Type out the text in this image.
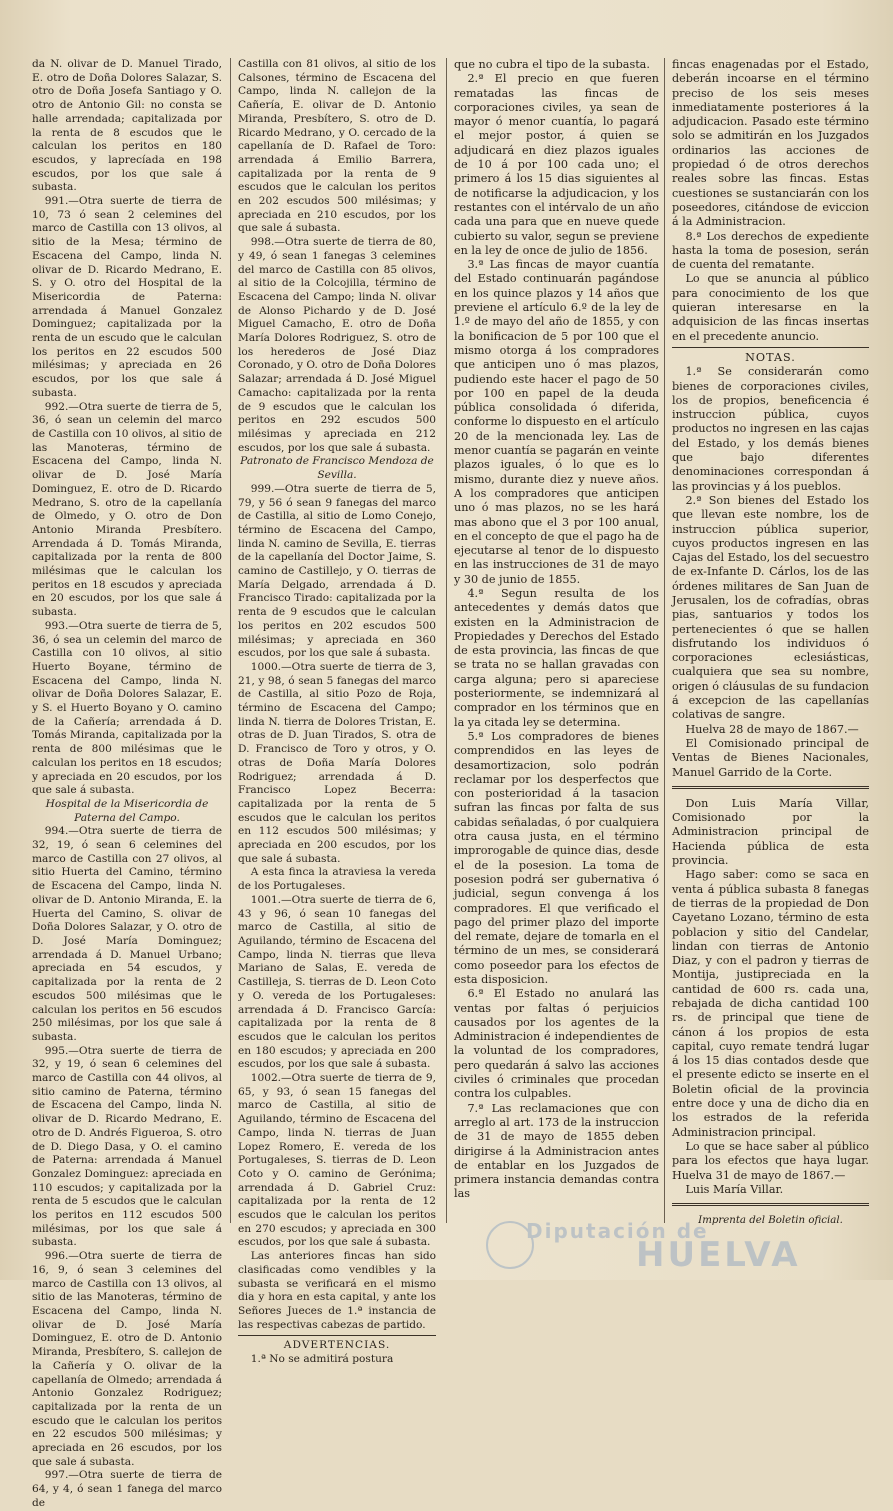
da N. olivar de D. Manuel Tirado, E. otro de Doña Dolores Salazar, S. otro de Doña Josefa Santiago y O. otro de Antonio Gil: no consta se halle arrendada; capitalizada por la renta de 8 escudos que le calculan los peritos en 180 escudos, y laprecíada en 198 escudos, por los que sale á subasta.

991.—Otra suerte de tierra de 10, 73 ó sean 2 celemines del marco de Castilla con 13 olivos, al sitio de la Mesa; término de Escacena del Campo, linda N. olivar de D. Ricardo Medrano, E. S. y O. otro del Hospital de la Misericordia de Paterna: arrendada á Manuel Gonzalez Dominguez; capitalizada por la renta de un escudo que le calculan los peritos en 22 escudos 500 milésimas; y apreciada en 26 escudos, por los que sale á subasta.

992.—Otra suerte de tierra de 5, 36, ó sean un celemin del marco de Castilla con 10 olivos, al sitio de las Manoteras, término de Escacena del Campo, linda N. olivar de D. José María Dominguez, E. otro de D. Ricardo Medrano, S. otro de la capellanía de Olmedo, y O. otro de Don Antonio Miranda Presbítero. Arrendada á D. Tomás Miranda, capitalizada por la renta de 800 milésimas que le calculan los peritos en 18 escudos y apreciada en 20 escudos, por los que sale á subasta.

993.—Otra suerte de tierra de 5, 36, ó sea un celemin del marco de Castilla con 10 olivos, al sitio Huerto Boyane, término de Escacena del Campo, linda N. olivar de Doña Dolores Salazar, E. y S. el Huerto Boyano y O. camino de la Cañería; arrendada á D. Tomás Miranda, capitalizada por la renta de 800 milésimas que le calculan los peritos en 18 escudos; y apreciada en 20 escudos, por los que sale á subasta.

Hospital de la Misericordia de Paterna del Campo.

994.—Otra suerte de tierra de 32, 19, ó sean 6 celemines del marco de Castilla con 27 olivos, al sitio Huerta del Camino, término de Escacena del Campo, linda N. olivar de D. Antonio Miranda, E. la Huerta del Camino, S. olivar de Doña Dolores Salazar, y O. otro de D. José María Dominguez; arrendada á D. Manuel Urbano; apreciada en 54 escudos, y capitalizada por la renta de 2 escudos 500 milésimas que le calculan los peritos en 56 escudos 250 milésimas, por los que sale á subasta.

995.—Otra suerte de tierra de 32, y 19, ó sean 6 celemines del marco de Castilla con 44 olivos, al sitio camino de Paterna, término de Escacena del Campo, linda N. olivar de D. Ricardo Medrano, E. otro de D. Andrés Figueroa, S. otro de D. Diego Dasa, y O. el camino de Paterna: arrendada á Manuel Gonzalez Dominguez: apreciada en 110 escudos; y capitalizada por la renta de 5 escudos que le calculan los peritos en 112 escudos 500 milésimas, por los que sale á subasta.

996.—Otra suerte de tierra de 16, 9, ó sean 3 celemines del marco de Castilla con 13 olivos, al sitio de las Manoteras, término de Escacena del Campo, linda N. olivar de D. José María Dominguez, E. otro de D. Antonio Miranda, Presbítero, S. callejon de la Cañería y O. olivar de la capellanía de Olmedo; arrendada á Antonio Gonzalez Rodriguez; capitalizada por la renta de un escudo que le calculan los peritos en 22 escudos 500 milésimas; y apreciada en 26 escudos, por los que sale á subasta.

997.—Otra suerte de tierra de 64, y 4, ó sean 1 fanega del marco de

Castilla con 81 olivos, al sitio de los Calsones, término de Escacena del Campo, linda N. callejon de la Cañería, E. olivar de D. Antonio Miranda, Presbítero, S. otro de D. Ricardo Medrano, y O. cercado de la capellanía de D. Rafael de Toro: arrendada á Emilio Barrera, capitalizada por la renta de 9 escudos que le calculan los peritos en 202 escudos 500 milésimas; y apreciada en 210 escudos, por los que sale á subasta.

998.—Otra suerte de tierra de 80, y 49, ó sean 1 fanegas 3 celemines del marco de Castilla con 85 olivos, al sitio de la Colcojilla, término de Escacena del Campo; linda N. olivar de Alonso Pichardo y de D. José Miguel Camacho, E. otro de Doña María Dolores Rodriguez, S. otro de los herederos de José Diaz Coronado, y O. otro de Doña Dolores Salazar; arrendada á D. José Miguel Camacho: capitalizada por la renta de 9 escudos que le calculan los peritos en 292 escudos 500 milésimas y apreciada en 212 escudos, por los que sale á subasta.

Patronato de Francisco Mendoza de Sevilla.

999.—Otra suerte de tierra de 5, 79, y 56 ó sean 9 fanegas del marco de Castilla, al sitio de Lomo Conejo, término de Escacena del Campo, linda N. camino de Sevilla, E. tierras de la capellanía del Doctor Jaime, S. camino de Castillejo, y O. tierras de María Delgado, arrendada á D. Francisco Tirado: capitalizada por la renta de 9 escudos que le calculan los peritos en 202 escudos 500 milésimas; y apreciada en 360 escudos, por los que sale á subasta.

1000.—Otra suerte de tierra de 3, 21, y 98, ó sean 5 fanegas del marco de Castilla, al sitio Pozo de Roja, término de Escacena del Campo; linda N. tierra de Dolores Tristan, E. otras de D. Juan Tirados, S. otra de D. Francisco de Toro y otros, y O. otras de Doña María Dolores Rodriguez; arrendada á D. Francisco Lopez Becerra: capitalizada por la renta de 5 escudos que le calculan los peritos en 112 escudos 500 milésimas; y apreciada en 200 escudos, por los que sale á subasta.

A esta finca la atraviesa la vereda de los Portugaleses.

1001.—Otra suerte de tierra de 6, 43 y 96, ó sean 10 fanegas del marco de Castilla, al sitio de Aguilando, término de Escacena del Campo, linda N. tierras que lleva Mariano de Salas, E. vereda de Castilleja, S. tierras de D. Leon Coto y O. vereda de los Portugaleses: arrendada á D. Francisco García: capitalizada por la renta de 8 escudos que le calculan los peritos en 180 escudos; y apreciada en 200 escudos, por los que sale á subasta.

1002.—Otra suerte de tierra de 9, 65, y 93, ó sean 15 fanegas del marco de Castilla, al sitio de Aguilando, término de Escacena del Campo, linda N. tierras de Juan Lopez Romero, E. vereda de los Portugaleses, S. tierras de D. Leon Coto y O. camino de Gerónima; arrendada á D. Gabriel Cruz: capitalizada por la renta de 12 escudos que le calculan los peritos en 270 escudos; y apreciada en 300 escudos, por los que sale á subasta.

Las anteriores fincas han sido clasificadas como vendibles y la subasta se verificará en el mismo dia y hora en esta capital, y ante los Señores Jueces de 1.ª instancia de las respectivas cabezas de partido.

ADVERTENCIAS.

1.ª No se admitirá postura

que no cubra el tipo de la subasta.

2.ª El precio en que fueren rematadas las fincas de corporaciones civiles, ya sean de mayor ó menor cuantía, lo pagará el mejor postor, á quien se adjudicará en diez plazos iguales de 10 á por 100 cada uno; el primero á los 15 dias siguientes al de notificarse la adjudicacion, y los restantes con el intérvalo de un año cada una para que en nueve quede cubierto su valor, segun se previene en la ley de once de julio de 1856.

3.ª Las fincas de mayor cuantía del Estado continuarán pagándose en los quince plazos y 14 años que previene el artículo 6.º de la ley de 1.º de mayo del año de 1855, y con la bonificacion de 5 por 100 que el mismo otorga á los compradores que anticipen uno ó mas plazos, pudiendo este hacer el pago de 50 por 100 en papel de la deuda pública consolidada ó diferida, conforme lo dispuesto en el artículo 20 de la mencionada ley. Las de menor cuantía se pagarán en veinte plazos iguales, ó lo que es lo mismo, durante diez y nueve años. A los compradores que anticipen uno ó mas plazos, no se les hará mas abono que el 3 por 100 anual, en el concepto de que el pago ha de ejecutarse al tenor de lo dispuesto en las instrucciones de 31 de mayo y 30 de junio de 1855.

4.ª Segun resulta de los antecedentes y demás datos que existen en la Administracion de Propiedades y Derechos del Estado de esta provincia, las fincas de que se trata no se hallan gravadas con carga alguna; pero si apareciese posteriormente, se indemnizará al comprador en los términos que en la ya citada ley se determina.

5.ª Los compradores de bienes comprendidos en las leyes de desamortizacion, solo podrán reclamar por los desperfectos que con posterioridad á la tasacion sufran las fincas por falta de sus cabidas señaladas, ó por cualquiera otra causa justa, en el término improrogable de quince dias, desde el de la posesion. La toma de posesion podrá ser gubernativa ó judicial, segun convenga á los compradores. El que verificado el pago del primer plazo del importe del remate, dejare de tomarla en el término de un mes, se considerará como poseedor para los efectos de esta disposicion.

6.ª El Estado no anulará las ventas por faltas ó perjuicios causados por los agentes de la Administracion é independientes de la voluntad de los compradores, pero quedarán á salvo las acciones civiles ó criminales que procedan contra los culpables.

7.ª Las reclamaciones que con arreglo al art. 173 de la instruccion de 31 de mayo de 1855 deben dirigirse á la Administracion antes de entablar en los Juzgados de primera instancia demandas contra las

fincas enagenadas por el Estado, deberán incoarse en el término preciso de los seis meses inmediatamente posteriores á la adjudicacion. Pasado este término solo se admitirán en los Juzgados ordinarios las acciones de propiedad ó de otros derechos reales sobre las fincas. Estas cuestiones se sustanciarán con los poseedores, citándose de eviccion á la Administracion.

8.ª Los derechos de expediente hasta la toma de posesion, serán de cuenta del rematante.

Lo que se anuncia al público para conocimiento de los que quieran interesarse en la adquisicion de las fincas insertas en el precedente anuncio.

NOTAS.

1.ª Se considerarán como bienes de corporaciones civiles, los de propios, beneficencia é instruccion pública, cuyos productos no ingresen en las cajas del Estado, y los demás bienes que bajo diferentes denominaciones correspondan á las provincias y á los pueblos.

2.ª Son bienes del Estado los que llevan este nombre, los de instruccion pública superior, cuyos productos ingresen en las Cajas del Estado, los del secuestro de ex-Infante D. Cárlos, los de las órdenes militares de San Juan de Jerusalen, los de cofradías, obras pias, santuarios y todos los pertenecientes ó que se hallen disfrutando los individuos ó corporaciones eclesiásticas, cualquiera que sea su nombre, origen ó cláusulas de su fundacion á excepcion de las capellanías colativas de sangre.

Huelva 28 de mayo de 1867.—

El Comisionado principal de Ventas de Bienes Nacionales, Manuel Garrido de la Corte.

Don Luis María Villar, Comisionado por la Administracion principal de Hacienda pública de esta provincia.

Hago saber: como se saca en venta á pública subasta 8 fanegas de tierras de la propiedad de Don Cayetano Lozano, término de esta poblacion y sitio del Candelar, lindan con tierras de Antonio Diaz, y con el padron y tierras de Montija, justipreciada en la cantidad de 600 rs. cada una, rebajada de dicha cantidad 100 rs. de principal que tiene de cánon á los propios de esta capital, cuyo remate tendrá lugar á los 15 dias contados desde que el presente edicto se inserte en el Boletin oficial de la provincia entre doce y una de dicho dia en los estrados de la referida Administracion principal.

Lo que se hace saber al público para los efectos que haya lugar. Huelva 31 de mayo de 1867.—

Luis María Villar.

Imprenta del Boletin oficial.

Diputación de
HUELVA
